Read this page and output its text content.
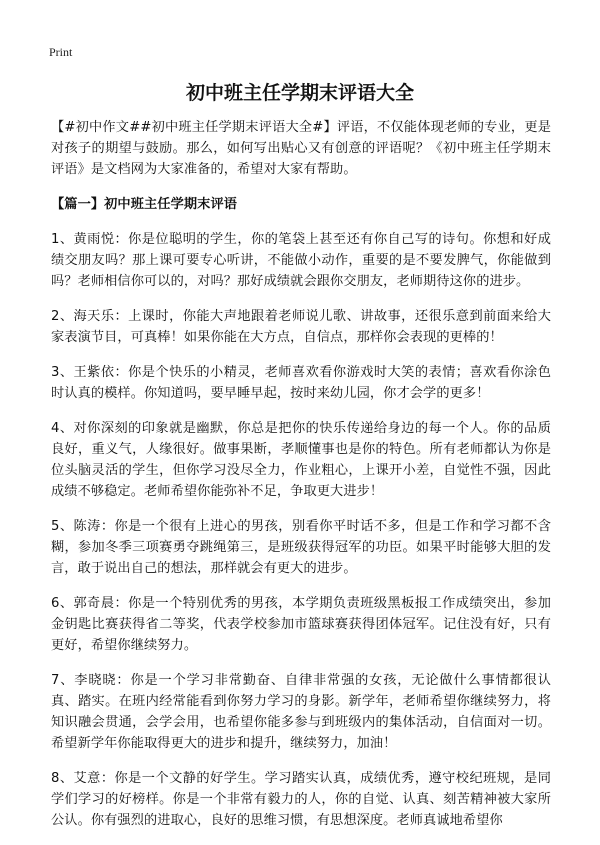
Print
初中班主任学期末评语大全

【#初中作文##初中班主任学期末评语大全#】评语，不仅能体现老师的专业，更是对孩子的期望与鼓励。那么，如何写出贴心又有创意的评语呢？《初中班主任学期末评语》是文档网为大家准备的，希望对大家有帮助。

【篇一】初中班主任学期末评语

1、黄雨悦：你是位聪明的学生，你的笔袋上甚至还有你自己写的诗句。你想和好成绩交朋友吗？那上课可要专心听讲，不能做小动作，重要的是不要发脾气，你能做到吗？老师相信你可以的，对吗？那好成绩就会跟你交朋友，老师期待这你的进步。

2、海天乐：上课时，你能大声地跟着老师说儿歌、讲故事，还很乐意到前面来给大家表演节目，可真棒！如果你能在大方点，自信点，那样你会表现的更棒的！

3、王紫依：你是个快乐的小精灵，老师喜欢看你游戏时大笑的表情；喜欢看你涂色时认真的模样。你知道吗，要早睡早起，按时来幼儿园，你才会学的更多！

4、对你深刻的印象就是幽默，你总是把你的快乐传递给身边的每一个人。你的品质良好，重义气，人缘很好。做事果断，孝顺懂事也是你的特色。所有老师都认为你是位头脑灵活的学生，但你学习没尽全力，作业粗心，上课开小差，自觉性不强，因此成绩不够稳定。老师希望你能弥补不足，争取更大进步！

5、陈涛：你是一个很有上进心的男孩，别看你平时话不多，但是工作和学习都不含糊，参加冬季三项赛勇夺跳绳第三，是班级获得冠军的功臣。如果平时能够大胆的发言，敢于说出自己的想法，那样就会有更大的进步。

6、郭奇晨：你是一个特别优秀的男孩，本学期负责班级黑板报工作成绩突出，参加金钥匙比赛获得省二等奖，代表学校参加市篮球赛获得团体冠军。记住没有好，只有更好，希望你继续努力。

7、李晓晓：你是一个学习非常勤奋、自律非常强的女孩，无论做什么事情都很认真、踏实。在班内经常能看到你努力学习的身影。新学年，老师希望你继续努力，将知识融会贯通，会学会用，也希望你能多参与到班级内的集体活动，自信面对一切。希望新学年你能取得更大的进步和提升，继续努力，加油！

8、艾意：你是一个文静的好学生。学习踏实认真，成绩优秀，遵守校纪班规，是同学们学习的好榜样。你是一个非常有毅力的人，你的自觉、认真、刻苦精神被大家所公认。你有强烈的进取心，良好的思维习惯，有思想深度。老师真诚地希望你
